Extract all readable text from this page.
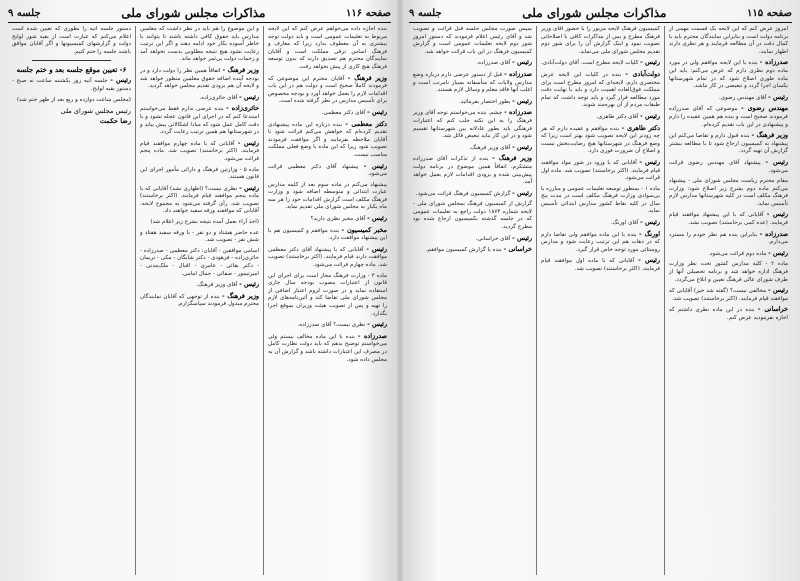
صفحه ۱۱۶
مذاکرات مجلس شورای ملی
جلسه ۹

بنده اجازه داده می‌خواهم عرض کنم که این لایحه مربوط به تعلیمات عمومی است و باید دولت توجه بیشتری به آن معطوف بدارد زیرا که معارف و فرهنگ اساس ترقی مملکت است و آقایان نمایندگان محترم هم تصدیق دارند که بدون توسعه فرهنگ هیچ کاری از پیش نخواهد رفت.

وزیر فرهنگ - آقایان محترم این موضوعی که فرمودند کاملاً صحیح است و دولت هم در این باب اقدامات لازم را بعمل خواهد آورد و بودجه مخصوص برای تأسیس مدارس در نظر گرفته شده است.

رئیس - آقای دکتر معظمی.

دکتر معظمی - بنده درباره این ماده پیشنهادی تقدیم کرده‌ام که خواهش می‌کنم قرائت شود تا آقایان ملاحظه بفرمایند و اگر موافقت فرمودند تصویب شود زیرا که این ماده با وضع فعلی مملکت مناسب نیست.

رئیس - پیشنهاد آقای دکتر معظمی قرائت می‌شود.

پیشنهاد می‌کنم در ماده سوم بعد از کلمه مدارس عبارت ابتدائی و متوسطه اضافه شود و وزارت فرهنگ مکلف است گزارش اقدامات خود را هر سه ماه یکبار به مجلس شورای ملی تقدیم نماید.

رئیس - آقای مخبر نظری دارید؟

مخبر کمیسیون - بنده موافقم و کمیسیون هم با این پیشنهاد موافقت دارد.

رئیس - آقایانی که با پیشنهاد آقای دکتر معظمی موافقت دارند قیام فرمایند. (اکثر برخاستند) تصویب شد. ماده چهارم قرائت می‌شود.

ماده ۴ - وزارت فرهنگ مجاز است برای اجرای این قانون از اعتبارات مصوب بودجه سال جاری استفاده نماید و در صورت لزوم اعتبار اضافی از مجلس شورای ملی تقاضا کند و آئین‌نامه‌های لازم را تهیه و پس از تصویب هیئت وزیران بموقع اجرا بگذارد.

رئیس - نظری نیست؟ آقای صدرزاده.

صدرزاده - بنده با این ماده مخالف نیستم ولی می‌خواستم توضیح بدهم که باید دولت نظارت کامل در مصرف این اعتبارات داشته باشد و گزارش آن به مجلس داده شود.

و این موضوع را هم باید در نظر داشت که معلمین مدارس باید حقوق کافی داشته باشند تا بتوانند با خاطر آسوده بکار خود ادامه دهند و اگر این ترتیب رعایت نشود هیچ نتیجه مطلوبی بدست نخواهد آمد و زحمات دولت بی‌ثمر خواهد ماند.

وزیر فرهنگ - اتفاقاً همین نظر را دولت دارد و در بودجه آینده اضافه حقوق معلمین منظور خواهد شد و لایحه آن هم بزودی تقدیم مجلس خواهد گردید.

رئیس - آقای حائری‌زاده.

حائری‌زاده - بنده عرضی ندارم فقط می‌خواستم استدعا کنم که در اجرای این قانون عجله نشود و با دقت کامل عمل شود که مبادا اشکالاتی پیش بیاید و در شهرستانها هم همین ترتیب رعایت گردد.

رئیس - آقایانی که با ماده چهارم موافقند قیام فرمایند. (اکثر برخاستند) تصویب شد. ماده پنجم قرائت می‌شود.

ماده ۵ - وزارتین فرهنگ و دارائی مأمور اجرای این قانون هستند.

رئیس - نظری نیست؟ (اظهاری نشد) آقایانی که با ماده پنجم موافقند قیام فرمایند. (اکثر برخاستند) تصویب شد. رأی گرفته می‌شود به مجموع لایحه. آقایانی که موافقند ورقه سفید خواهند داد.

(اخذ آراء بعمل آمده نتیجه بشرح زیر اعلام شد)

عده حاضر هشتاد و دو نفر - با ورقه سفید هفتاد و شش نفر - تصویب شد.

اسامی موافقین - آقایان: دکتر معظمی - صدرزاده - حائری‌زاده - فرهودی - دکتر شایگان - مکی - نریمان - دکتر بقائی - عامری - اقبال - ملک‌مدنی - امیرتیمور - صفائی - جمال امامی.

رئیس - آقای وزیر فرهنگ.

وزیر فرهنگ - بنده از توجهی که آقایان نمایندگان محترم مبذول فرمودند سپاسگزارم.

دستور جلسه آتیه را بطوری که تعیین شده است اعلام می‌کنم که عبارت است از بقیه شور لوایح دولت و گزارشهای کمیسیونها و اگر آقایان موافق باشند جلسه را ختم کنیم.

۶- تعیین موقع جلسه بعد و ختم جلسه

رئیس - جلسه آتیه روز یکشنبه ساعت نه صبح - دستور بقیه لوایح.

(مجلس ساعت دوازده و ربع بعد از ظهر ختم شد)

رئیس مجلس شورای ملی
رضا حکمت
صفحه ۱۱۵
مذاکرات مجلس شورای ملی
جلسه ۹

امروز عرض کنم که این لایحه یک قسمت مهمی از برنامه دولت است و بنابراین نمایندگان محترم باید با کمال دقت در آن مطالعه فرمایند و هر نظری دارند اظهار نمایند.

صدرزاده - بنده با این لایحه موافقم ولی در مورد ماده دوم نظری دارم که عرض می‌کنم: باید این ماده طوری اصلاح شود که در تمام شهرستانها یکسان اجرا گردد و تبعیضی در کار نباشد.

رئیس - آقای مهندس رضوی.

مهندس رضوی - موضوعی که آقای صدرزاده فرمودند صحیح است و بنده هم همین عقیده را دارم و پیشنهادی در این باب تقدیم کرده‌ام.

وزیر فرهنگ - بنده قبول دارم و تقاضا می‌کنم این پیشنهاد به کمیسیون ارجاع شود تا با مطالعه بیشتر گزارش آن تهیه گردد.

رئیس - پیشنهاد آقای مهندس رضوی قرائت می‌شود.

مقام محترم ریاست مجلس شورای ملی - پیشنهاد می‌کنم ماده دوم بشرح زیر اصلاح شود: وزارت فرهنگ مکلف است در کلیه شهرستانها مدارس لازم تأسیس نماید.

رئیس - آقایانی که با این پیشنهاد موافقند قیام فرمایند. (عده کمی برخاستند) تصویب نشد.

صدرزاده - بنابراین بنده هم نظر خودم را مسترد می‌دارم.

رئیس - ماده دوم قرائت می‌شود.

ماده ۲ - کلیه مدارس کشور تحت نظر وزارت فرهنگ اداره خواهد شد و برنامه تحصیلی آنها از طرف شورای عالی فرهنگ تعیین و ابلاغ می‌گردد.

رئیس - مخالفی نیست؟ (گفته شد خیر) آقایانی که موافقند قیام فرمایند. (اکثر برخاستند) تصویب شد.

خراسانی - بنده در این ماده نظری داشتم که اجازه نفرمودید عرض کنم.

کمیسیون فرهنگ لایحه مزبور را با حضور آقای وزیر فرهنگ مطرح و پس از مذاکرات کافی با اصلاحاتی تصویب نمود و اینک گزارش آن را برای شور دوم تقدیم مجلس شورای ملی می‌نماید.

رئیس - کلیات لایحه مطرح است. آقای دولت‌آبادی.

دولت‌آبادی - بنده در کلیات این لایحه عرض مختصری دارم. لایحه‌ای که امروز مطرح است برای مملکت فوق‌العاده اهمیت دارد و باید با نهایت دقت مورد مطالعه قرار گیرد و باید توجه داشت که تمام طبقات مردم از آن بهره‌مند شوند.

رئیس - آقای دکتر طاهری.

دکتر طاهری - بنده موافقم و عقیده دارم که هر چه زودتر این لایحه تصویب شود بهتر است زیرا که وضع فرهنگ در شهرستانها هیچ رضایت‌بخش نیست و اصلاح آن ضرورت فوری دارد.

رئیس - آقایانی که با ورود در شور مواد موافقند قیام فرمایند. (اکثر برخاستند) تصویب شد. ماده اول قرائت می‌شود.

ماده ۱ - بمنظور توسعه تعلیمات عمومی و مبارزه با بی‌سوادی وزارت فرهنگ مکلف است در مدت پنج سال در کلیه نقاط کشور مدارس ابتدائی تأسیس نماید.

رئیس - آقای اورنگ.

اورنگ - بنده با این ماده موافقم ولی تقاضا دارم که در دهات هم این ترتیب رعایت شود و مدارس روستائی مورد توجه خاص قرار گیرد.

رئیس - آقایانی که با ماده اول موافقند قیام فرمایند. (اکثر برخاستند) تصویب شد.

سپس صورت مجلس جلسه قبل قرائت و تصویب شد و آقای رئیس اعلام فرمودند که دستور امروز شور دوم لایحه تعلیمات عمومی است و گزارش کمیسیون فرهنگ در این باب قرائت خواهد شد.

رئیس - آقای صدرزاده.

صدرزاده - قبل از دستور عرضی دارم درباره وضع مدارس ولایات که متأسفانه بسیار نامرتب است و اغلب آنها فاقد معلم و وسائل لازم هستند.

رئیس - بطور اختصار بفرمائید.

صدرزاده - چشم. بنده می‌خواستم توجه آقای وزیر فرهنگ را به این نکته جلب کنم که اعتبارات فرهنگی باید بطور عادلانه بین شهرستانها تقسیم شود و در این کار نباید تبعیض قائل شد.

رئیس - آقای وزیر فرهنگ.

وزیر فرهنگ - بنده از تذکرات آقای صدرزاده متشکرم. اتفاقاً همین موضوع در برنامه دولت پیش‌بینی شده و بزودی اقدامات لازم بعمل خواهد آمد.

رئیس - گزارش کمیسیون فرهنگ قرائت می‌شود.

گزارش از کمیسیون فرهنگ بمجلس شورای ملی - لایحه شماره ۱۸۷۳ دولت راجع به تعلیمات عمومی که در جلسه گذشته بکمیسیون ارجاع شده بود مطرح گردید.

رئیس - آقای خراسانی.

خراسانی - بنده با گزارش کمیسیون موافقم.
